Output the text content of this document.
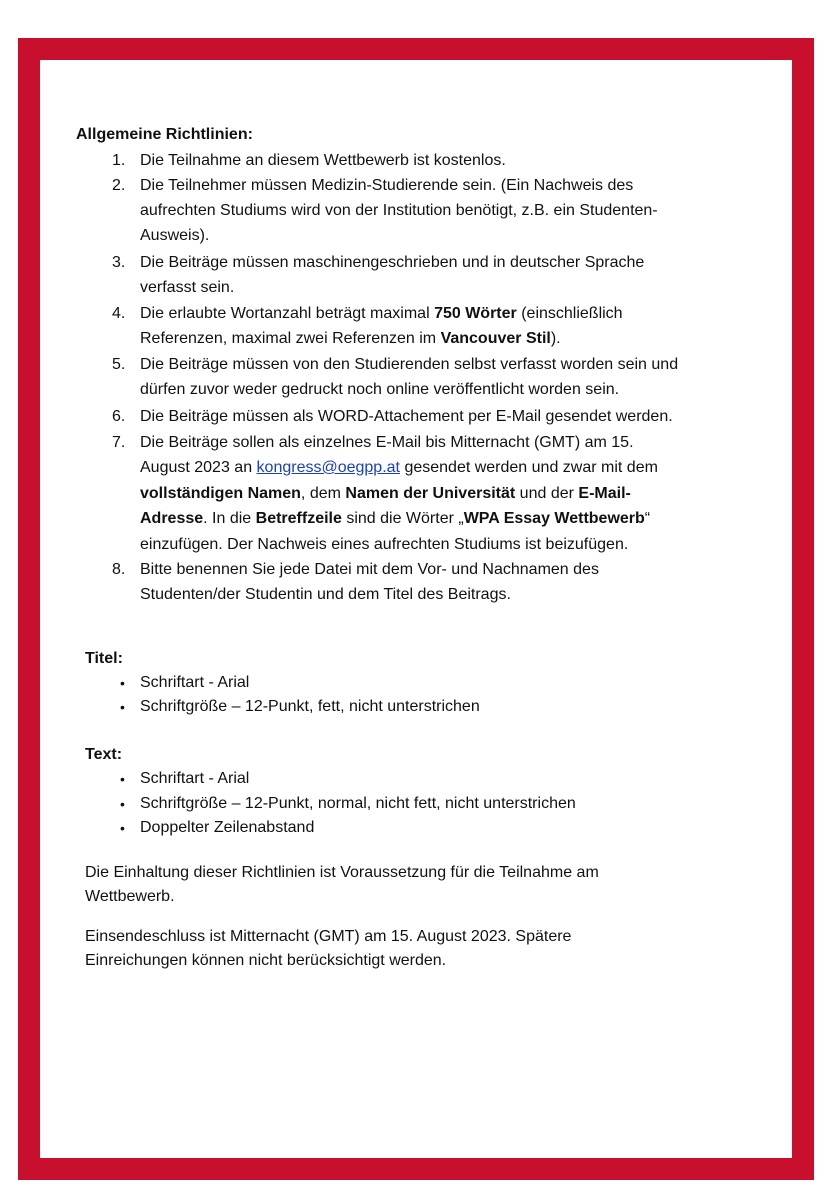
Allgemeine Richtlinien:
1. Die Teilnahme an diesem Wettbewerb ist kostenlos.
2. Die Teilnehmer müssen Medizin-Studierende sein. (Ein Nachweis des
aufrechten Studiums wird von der Institution benötigt, z.B. ein Studenten-
Ausweis).
3. Die Beiträge müssen maschinengeschrieben und in deutscher Sprache
verfasst sein.
4. Die erlaubte Wortanzahl beträgt maximal 750 Wörter (einschließlich
Referenzen, maximal zwei Referenzen im Vancouver Stil).
5. Die Beiträge müssen von den Studierenden selbst verfasst worden sein und
dürfen zuvor weder gedruckt noch online veröffentlicht worden sein.
6. Die Beiträge müssen als WORD-Attachement per E-Mail gesendet werden.
7. Die Beiträge sollen als einzelnes E-Mail bis Mitternacht (GMT) am 15.
August 2023 an kongress@oegpp.at gesendet werden und zwar mit dem
vollständigen Namen, dem Namen der Universität und der E-Mail-
Adresse. In die Betreffzeile sind die Wörter „WPA Essay Wettbewerb“
einzufügen. Der Nachweis eines aufrechten Studiums ist beizufügen.
8. Bitte benennen Sie jede Datei mit dem Vor- und Nachnamen des
Studenten/der Studentin und dem Titel des Beitrags.
Titel:
• Schriftart - Arial
• Schriftgröße – 12-Punkt, fett, nicht unterstrichen
Text:
• Schriftart - Arial
• Schriftgröße – 12-Punkt, normal, nicht fett, nicht unterstrichen
• Doppelter Zeilenabstand
Die Einhaltung dieser Richtlinien ist Voraussetzung für die Teilnahme am
Wettbewerb.
Einsendeschluss ist Mitternacht (GMT) am 15. August 2023. Spätere
Einreichungen können nicht berücksichtigt werden.
